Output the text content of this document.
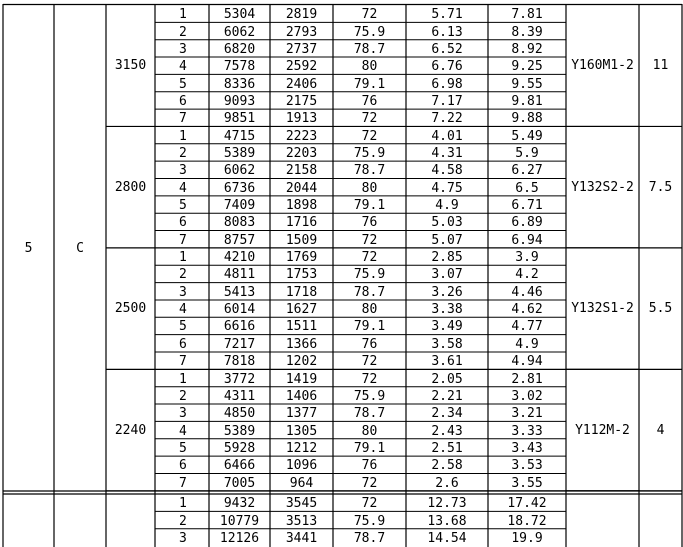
1	5304	2819	72	5.71	7.81
2	6062	2793	75.9	6.13	8.39
3	6820	2737	78.7	6.52	8.92
4	7578	2592	80	6.76	9.25
5	8336	2406	79.1	6.98	9.55
6	9093	2175	76	7.17	9.81
7	9851	1913	72	7.22	9.88
3150	Y160M1-2	11
1	4715	2223	72	4.01	5.49
2	5389	2203	75.9	4.31	5.9
3	6062	2158	78.7	4.58	6.27
4	6736	2044	80	4.75	6.5
5	7409	1898	79.1	4.9	6.71
6	8083	1716	76	5.03	6.89
7	8757	1509	72	5.07	6.94
2800	Y132S2-2	7.5
1	4210	1769	72	2.85	3.9
2	4811	1753	75.9	3.07	4.2
3	5413	1718	78.7	3.26	4.46
4	6014	1627	80	3.38	4.62
5	6616	1511	79.1	3.49	4.77
6	7217	1366	76	3.58	4.9
7	7818	1202	72	3.61	4.94
2500	Y132S1-2	5.5
1	3772	1419	72	2.05	2.81
2	4311	1406	75.9	2.21	3.02
3	4850	1377	78.7	2.34	3.21
4	5389	1305	80	2.43	3.33
5	5928	1212	79.1	2.51	3.43
6	6466	1096	76	2.58	3.53
7	7005	964	72	2.6	3.55
2240	Y112M-2	4
5	C
1	9432	3545	72	12.73	17.42
2	10779	3513	75.9	13.68	18.72
3	12126	3441	78.7	14.54	19.9
